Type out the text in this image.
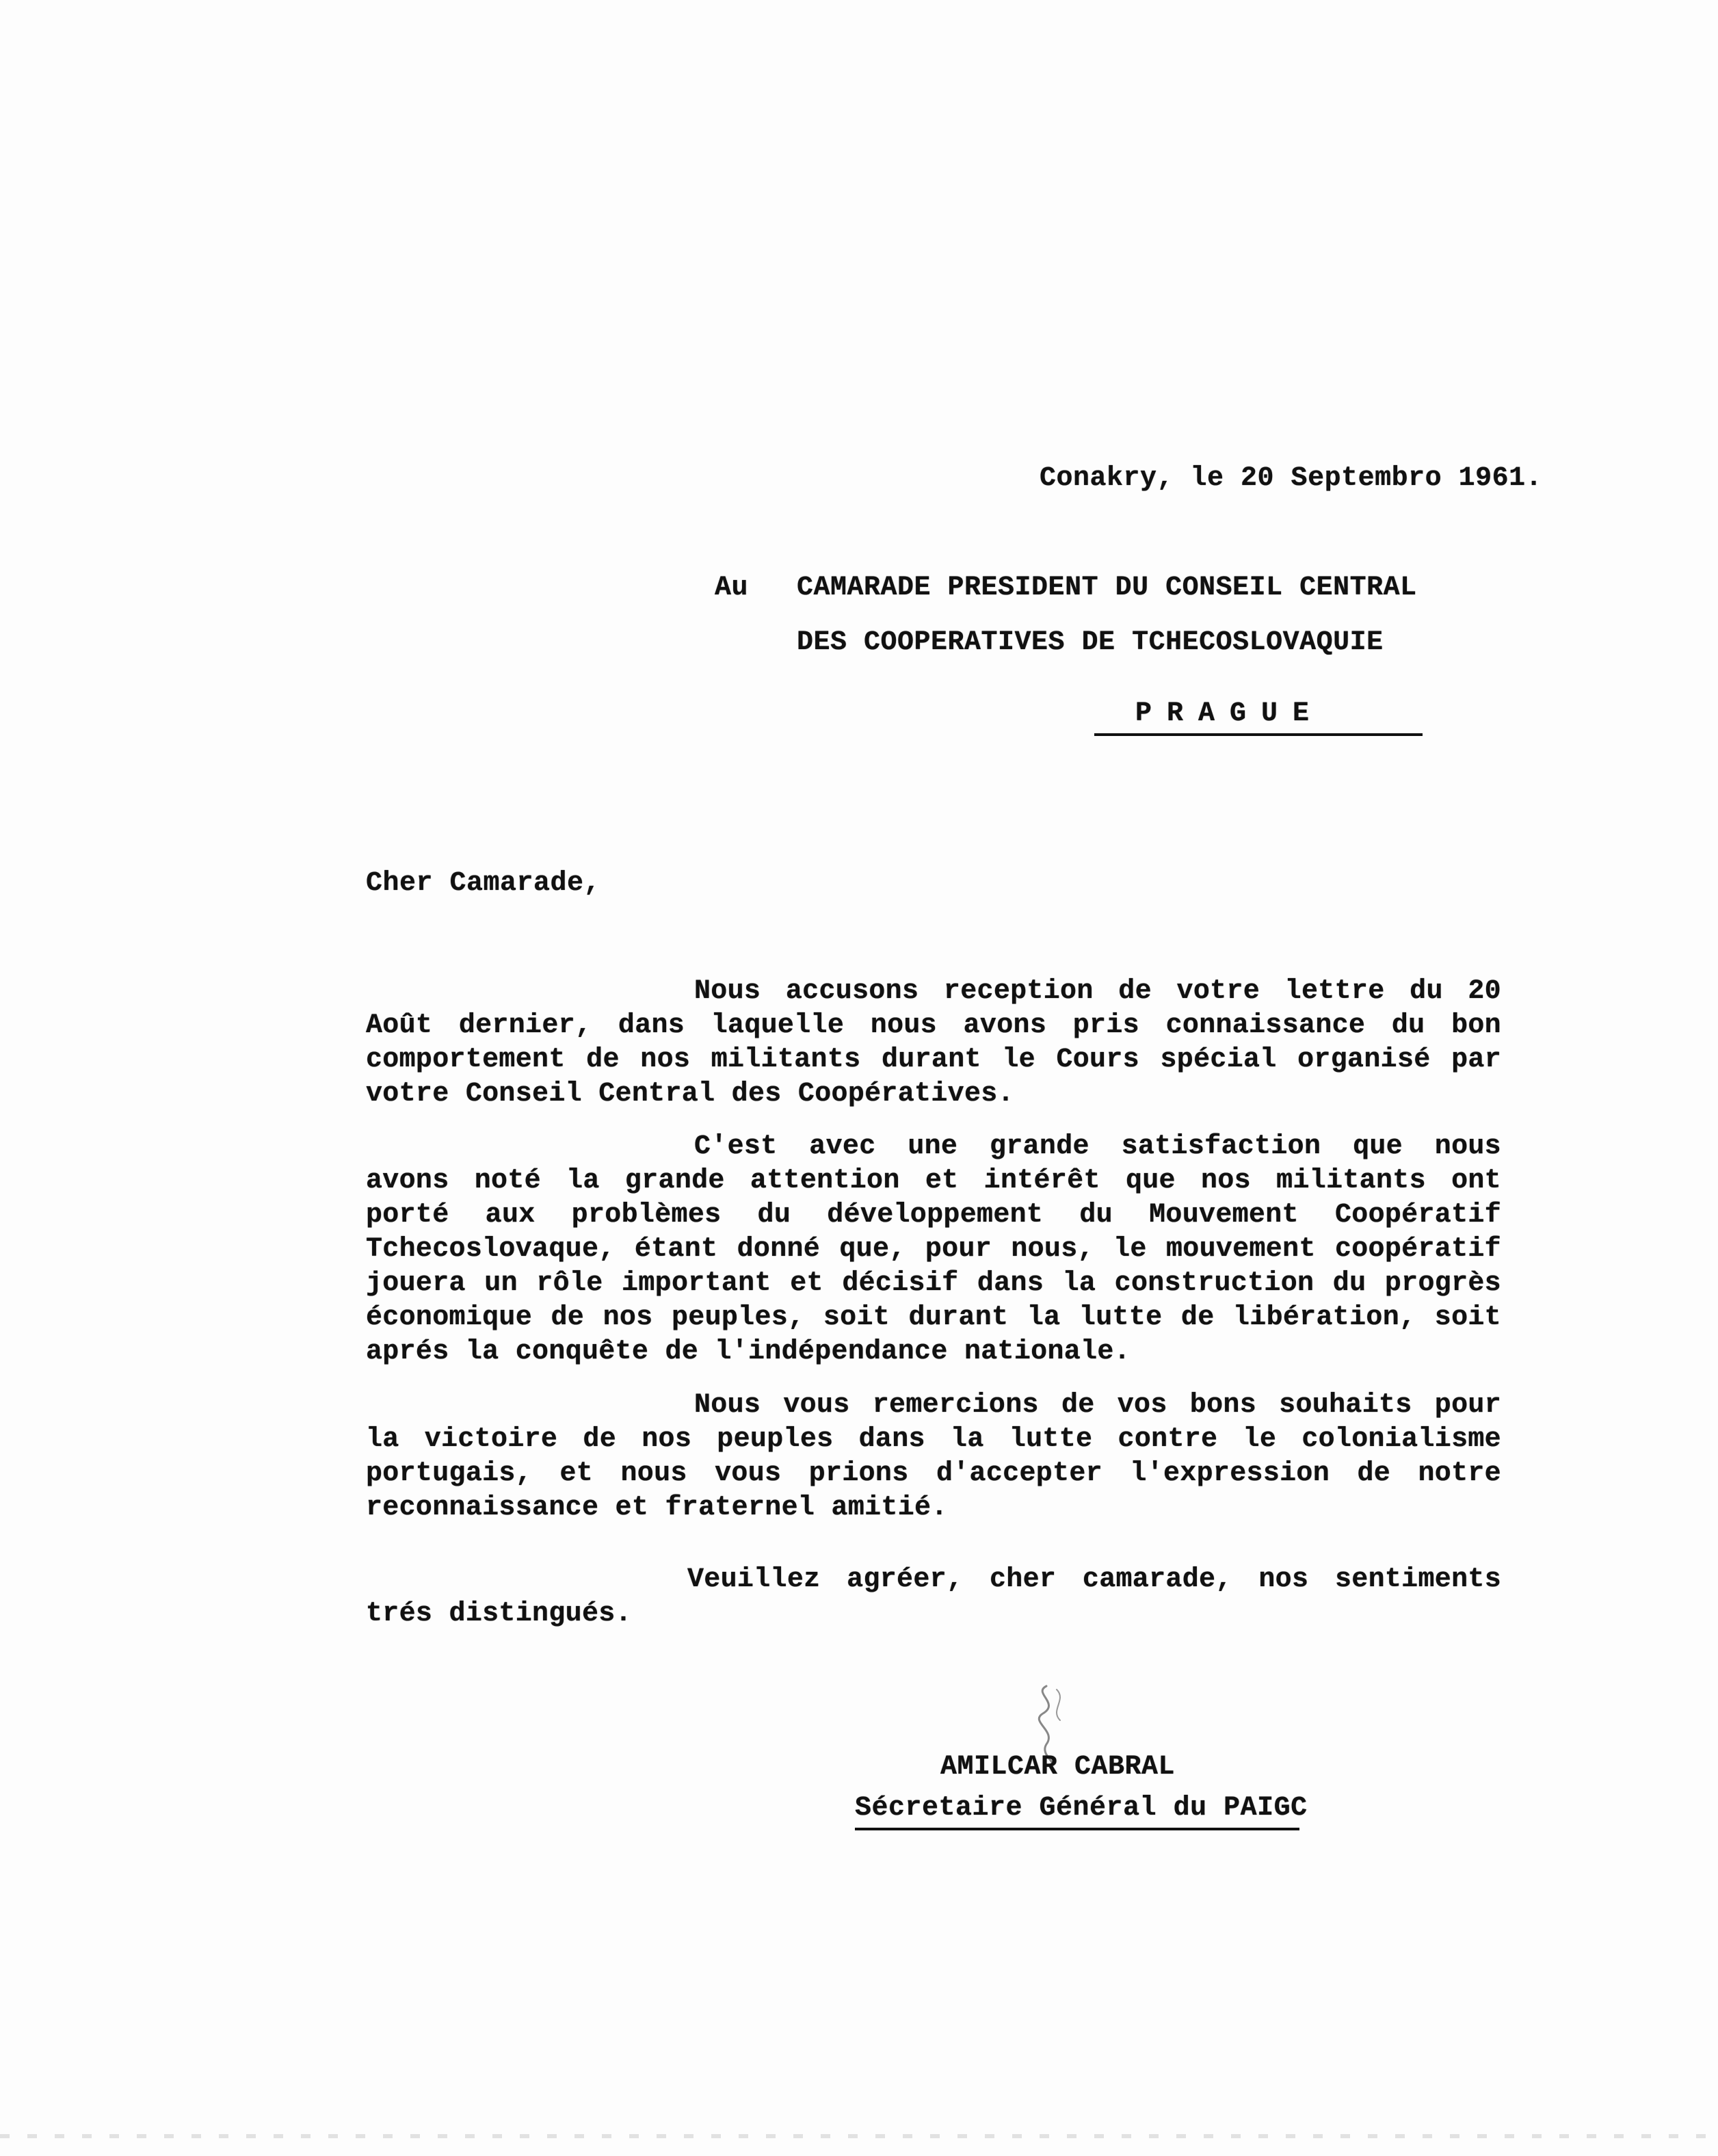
Conakry, le 20 Septembro 1961.
Au CAMARADE PRESIDENT DU CONSEIL CENTRAL
DES COOPERATIVES DE TCHECOSLOVAQUIE
PRAGUE
Cher Camarade,
Nous accusons reception de votre lettre du 20 Août dernier, dans laquelle nous avons pris connaissance du bon comportement de nos militants durant le Cours spécial organisé par votre Conseil Central des Coopératives.
C'est avec une grande satisfaction que nous avons noté la grande attention et intérêt que nos militants ont porté aux problèmes du développement du Mouvement Coopératif Tchecoslovaque, étant donné que, pour nous, le mouvement coopératif jouera un rôle important et décisif dans la construction du progrès économique de nos peuples, soit durant la lutte de libération, soit aprés la conquête de l'indépendance nationale.
Nous vous remercions de vos bons souhaits pour la victoire de nos peuples dans la lutte contre le colonialisme portugais, et nous vous prions d'accepter l'expression de notre reconnaissance et fraternel amitié.
Veuillez agréer, cher camarade, nos sentiments trés distingués.
AMILCAR CABRAL
Sécretaire Général du PAIGC
